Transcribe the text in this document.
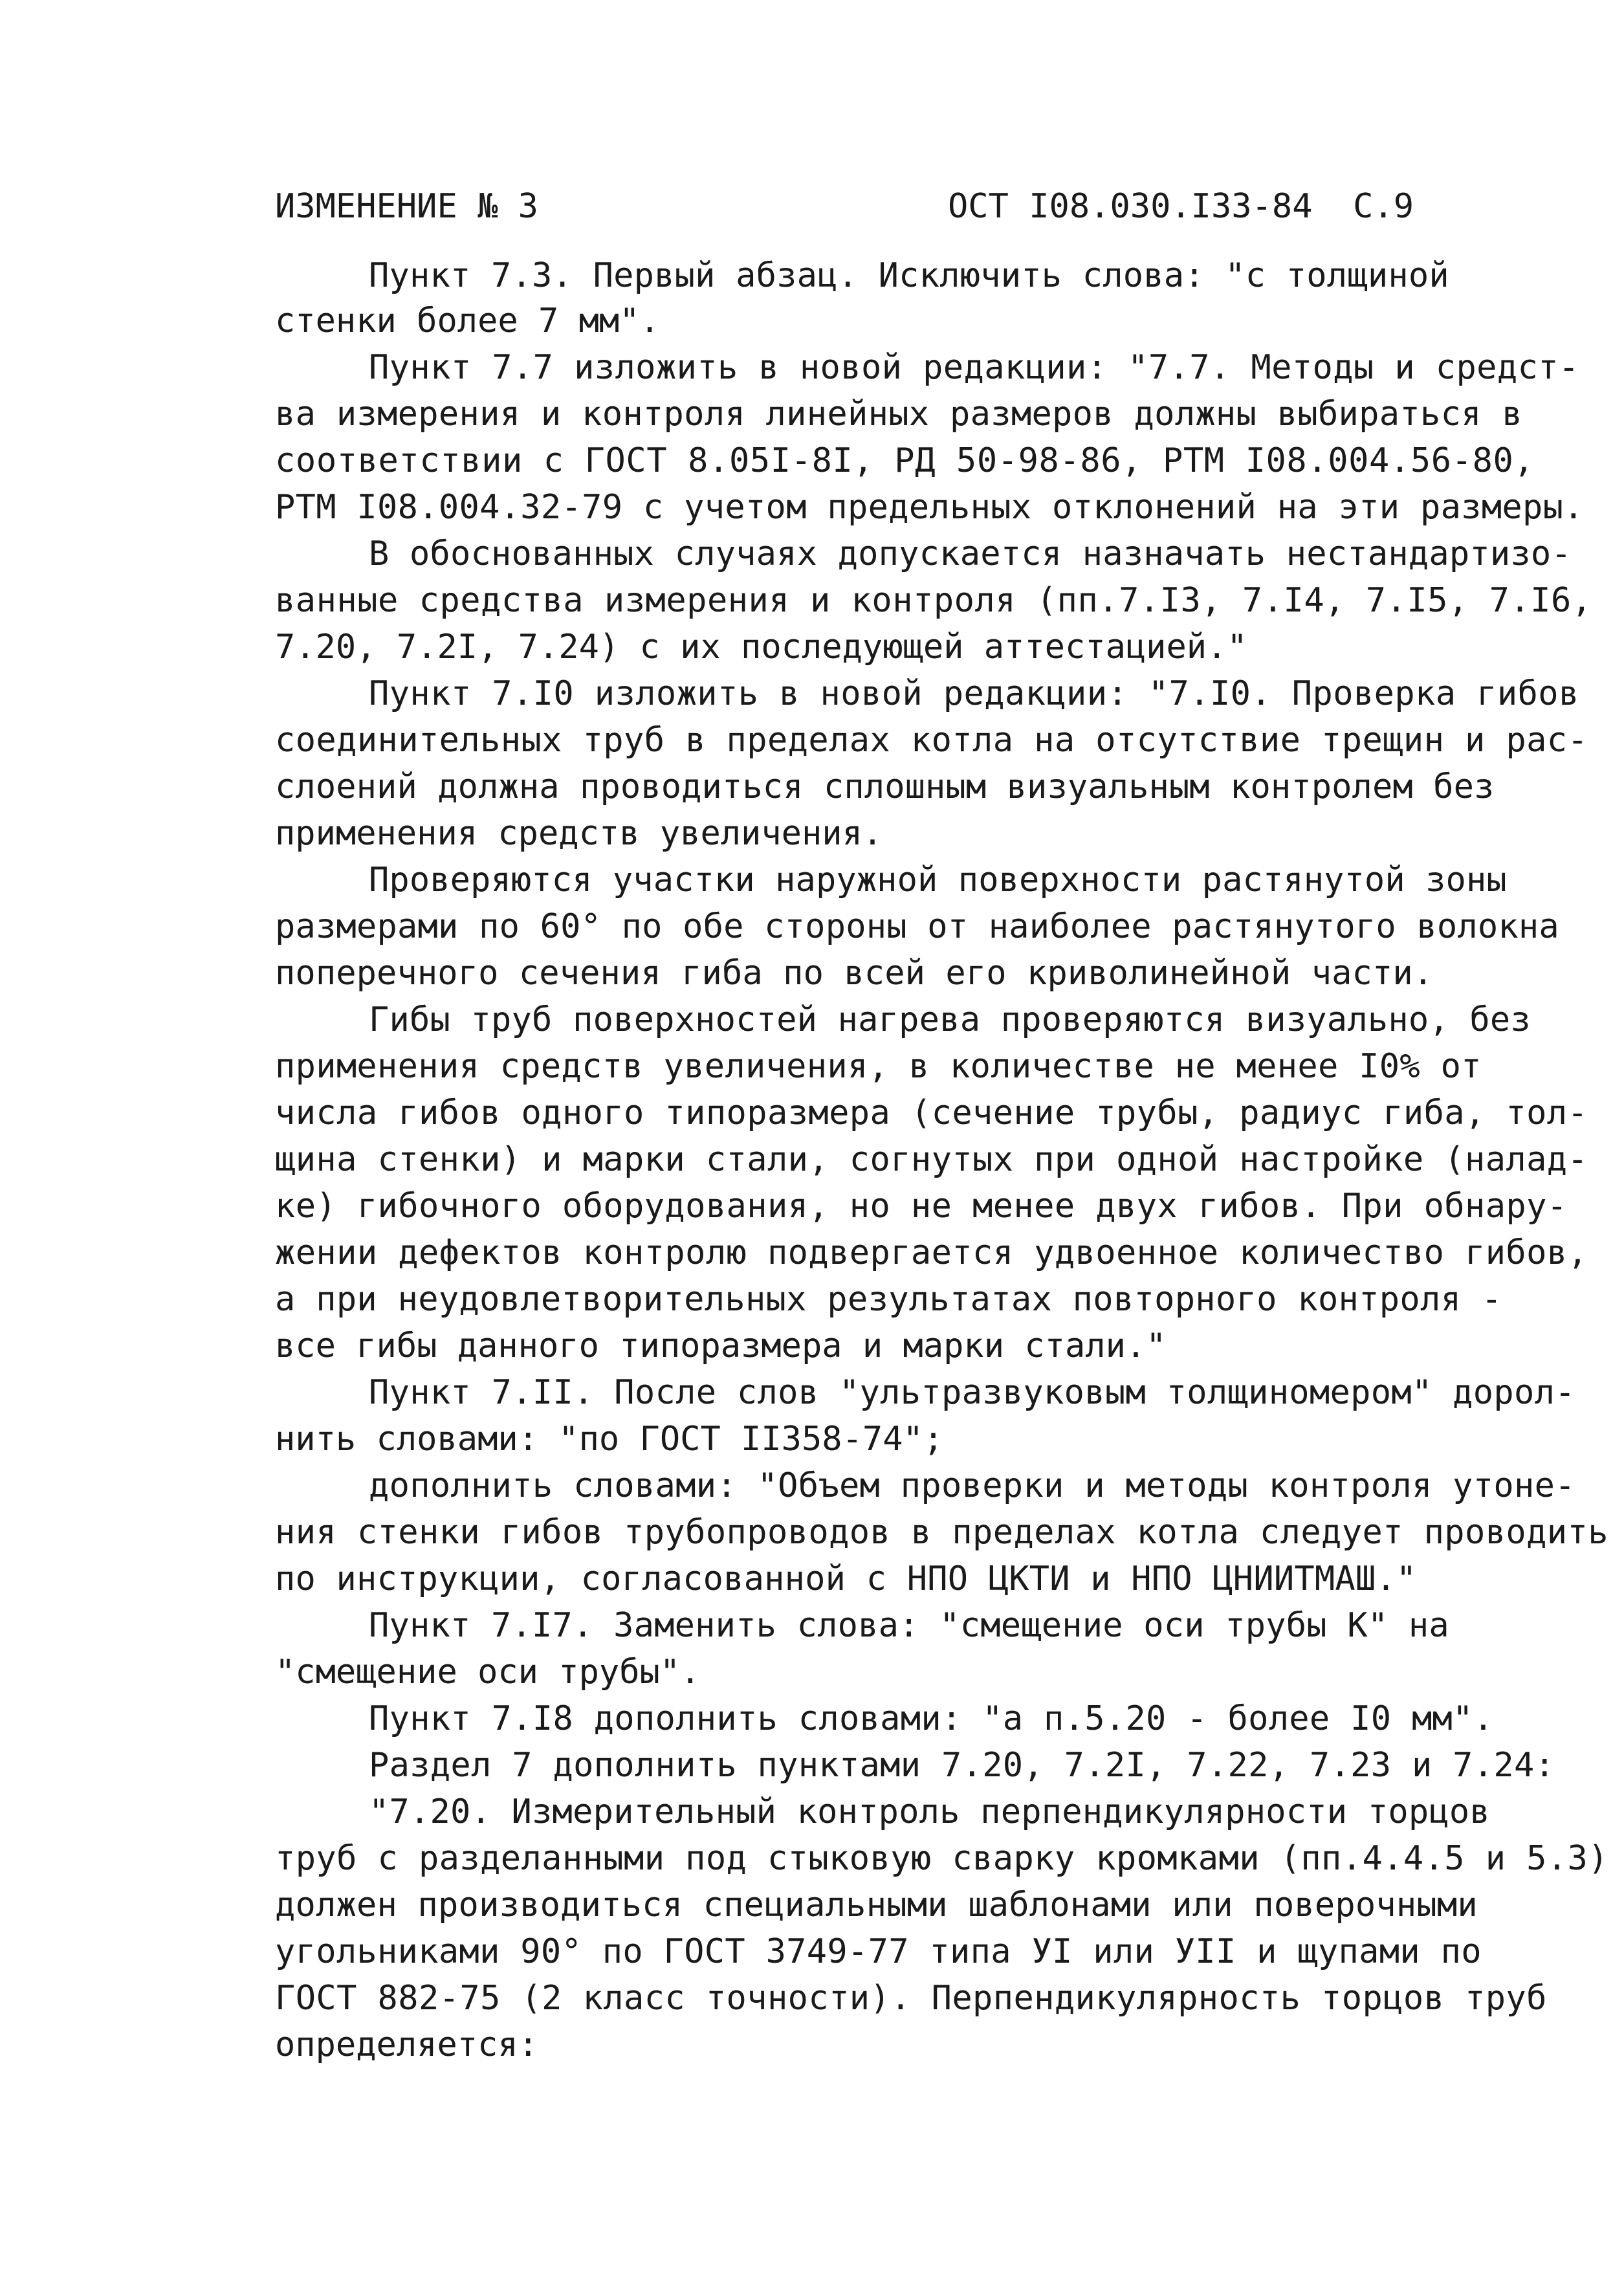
ИЗМЕНЕНИЕ № 3	ОСТ I08.030.I33-84  С.9
Пункт 7.3. Первый абзац. Исключить слова: "с толщиной
стенки более 7 мм".
Пункт 7.7 изложить в новой редакции: "7.7. Методы и средст-
ва измерения и контроля линейных размеров должны выбираться в
соответствии с ГОСТ 8.05I-8I, РД 50-98-86, РТМ I08.004.56-80,
РТМ I08.004.32-79 с учетом предельных отклонений на эти размеры.
В обоснованных случаях допускается назначать нестандартизо-
ванные средства измерения и контроля (пп.7.I3, 7.I4, 7.I5, 7.I6,
7.20, 7.2I, 7.24) с их последующей аттестацией."
Пункт 7.I0 изложить в новой редакции: "7.I0. Проверка гибов
соединительных труб в пределах котла на отсутствие трещин и рас-
слоений должна проводиться сплошным визуальным контролем без
применения средств увеличения.
Проверяются участки наружной поверхности растянутой зоны
размерами по 60° по обе стороны от наиболее растянутого волокна
поперечного сечения гиба по всей его криволинейной части.
Гибы труб поверхностей нагрева проверяются визуально, без
применения средств увеличения, в количестве не менее I0% от
числа гибов одного типоразмера (сечение трубы, радиус гиба, тол-
щина стенки) и марки стали, согнутых при одной настройке (налад-
ке) гибочного оборудования, но не менее двух гибов. При обнару-
жении дефектов контролю подвергается удвоенное количество гибов,
а при неудовлетворительных результатах повторного контроля -
все гибы данного типоразмера и марки стали."
Пункт 7.II. После слов "ультразвуковым толщиномером" дopол-
нить словами: "по ГОСТ II358-74";
дополнить словами: "Объем проверки и методы контроля утоне-
ния стенки гибов трубопроводов в пределах котла следует проводить
по инструкции, согласованной с НПО ЦКТИ и НПО ЦНИИТМАШ."
Пункт 7.I7. Заменить слова: "смещение оси трубы К" на
"смещение оси трубы".
Пункт 7.I8 дополнить словами: "а п.5.20 - более I0 мм".
Раздел 7 дополнить пунктами 7.20, 7.2I, 7.22, 7.23 и 7.24:
"7.20. Измерительный контроль перпендикулярности торцов
труб с разделанными под стыковую сварку кромками (пп.4.4.5 и 5.3)
должен производиться специальными шаблонами или поверочными
угольниками 90° по ГОСТ 3749-77 типа УI или УII и щупами по
ГОСТ 882-75 (2 класс точности). Перпендикулярность торцов труб
определяется:
